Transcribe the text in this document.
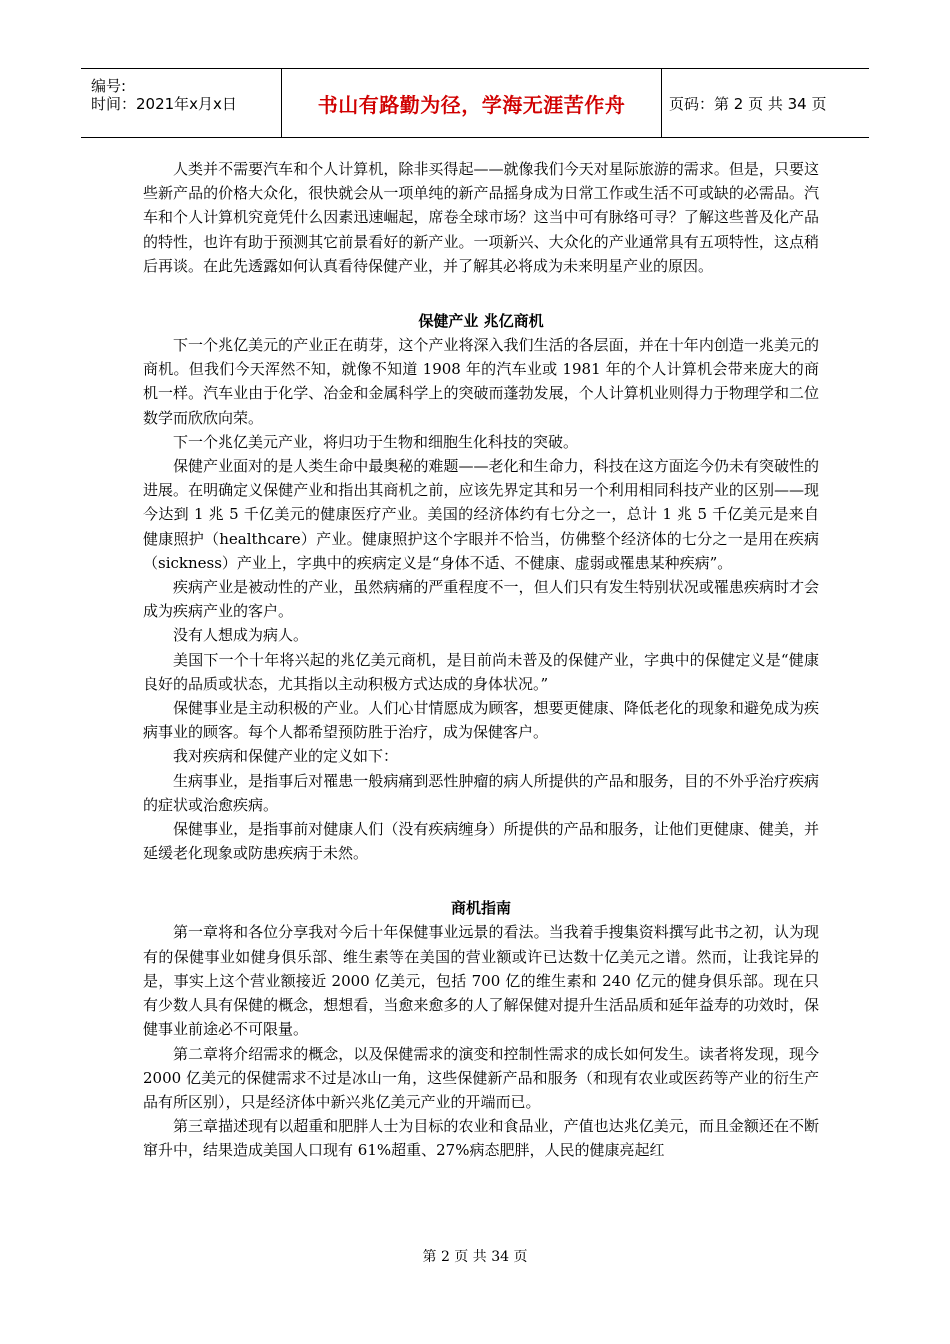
编号:
时间：2021年x月x日	书山有路勤为径，学海无涯苦作舟	页码：第 2 页 共 34 页

人类并不需要汽车和个人计算机，除非买得起——就像我们今天对星际旅游的需求。但是，只要这些新产品的价格大众化，很快就会从一项单纯的新产品摇身成为日常工作或生活不可或缺的必需品。汽车和个人计算机究竟凭什么因素迅速崛起，席卷全球市场？这当中可有脉络可寻？了解这些普及化产品的特性，也许有助于预测其它前景看好的新产业。一项新兴、大众化的产业通常具有五项特性，这点稍后再谈。在此先透露如何认真看待保健产业，并了解其必将成为未来明星产业的原因。

保健产业 兆亿商机

下一个兆亿美元的产业正在萌芽，这个产业将深入我们生活的各层面，并在十年内创造一兆美元的商机。但我们今天浑然不知，就像不知道 1908 年的汽车业或 1981 年的个人计算机会带来庞大的商机一样。汽车业由于化学、冶金和金属科学上的突破而蓬勃发展，个人计算机业则得力于物理学和二位数学而欣欣向荣。

下一个兆亿美元产业，将归功于生物和细胞生化科技的突破。

保健产业面对的是人类生命中最奥秘的难题——老化和生命力，科技在这方面迄今仍未有突破性的进展。在明确定义保健产业和指出其商机之前，应该先界定其和另一个利用相同科技产业的区别——现今达到 1 兆 5 千亿美元的健康医疗产业。美国的经济体约有七分之一，总计 1 兆 5 千亿美元是来自健康照护（healthcare）产业。健康照护这个字眼并不恰当，仿佛整个经济体的七分之一是用在疾病（sickness）产业上，字典中的疾病定义是“身体不适、不健康、虚弱或罹患某种疾病”。

疾病产业是被动性的产业，虽然病痛的严重程度不一，但人们只有发生特别状况或罹患疾病时才会成为疾病产业的客户。

没有人想成为病人。

美国下一个十年将兴起的兆亿美元商机，是目前尚未普及的保健产业，字典中的保健定义是“健康良好的品质或状态，尤其指以主动积极方式达成的身体状况。”

保健事业是主动积极的产业。人们心甘情愿成为顾客，想要更健康、降低老化的现象和避免成为疾病事业的顾客。每个人都希望预防胜于治疗，成为保健客户。

我对疾病和保健产业的定义如下：

生病事业，是指事后对罹患一般病痛到恶性肿瘤的病人所提供的产品和服务，目的不外乎治疗疾病的症状或治愈疾病。

保健事业，是指事前对健康人们（没有疾病缠身）所提供的产品和服务，让他们更健康、健美，并延缓老化现象或防患疾病于未然。

商机指南

第一章将和各位分享我对今后十年保健事业远景的看法。当我着手搜集资料撰写此书之初，认为现有的保健事业如健身俱乐部、维生素等在美国的营业额或许已达数十亿美元之谱。然而，让我诧异的是，事实上这个营业额接近 2000 亿美元，包括 700 亿的维生素和 240 亿元的健身俱乐部。现在只有少数人具有保健的概念，想想看，当愈来愈多的人了解保健对提升生活品质和延年益寿的功效时，保健事业前途必不可限量。

第二章将介绍需求的概念，以及保健需求的演变和控制性需求的成长如何发生。读者将发现，现今 2000 亿美元的保健需求不过是冰山一角，这些保健新产品和服务（和现有农业或医药等产业的衍生产品有所区别），只是经济体中新兴兆亿美元产业的开端而已。

第三章描述现有以超重和肥胖人士为目标的农业和食品业，产值也达兆亿美元，而且金额还在不断窜升中，结果造成美国人口现有 61%超重、27%病态肥胖，人民的健康亮起红

第 2 页 共 34 页
